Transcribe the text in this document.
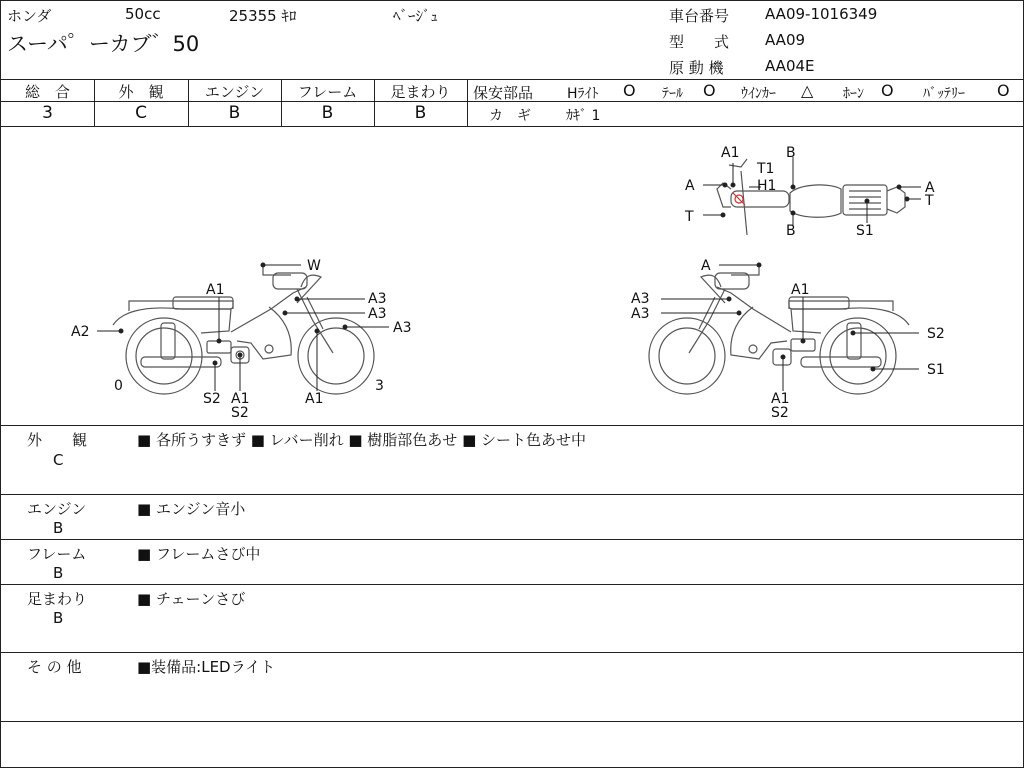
ホンダ	50cc	25355 ｷﾛ	ﾍﾞｰｼﾞｭ
スーパ゜ーカブ゛50
車台番号 AA09-1016349
型　　式 AA09
原 動 機	AA04E
総　合	外　観	エンジン	フレーム	足まわり
3	C	B	B	B
保安部品 Hﾗｲﾄ O ﾃｰﾙ O ｳｲﾝｶｰ △ ﾎｰﾝ O ﾊﾞｯﾃﾘｰ O
カ　ギ	ｶｷﾞ 1
A1
T1
B
A	H1	A
T
T
B	S1
W
A1
A3
A3
A2	A3
0	3
S2 A1
S2
A1
A
A3
A3
A1
S2
S1
A1
S2
外　　観
C
■ 各所うすきず ■ レバー削れ ■ 樹脂部色あせ ■ シート色あせ中
エンジン
B
■ エンジン音小
フレーム
B
■ フレームさび中
足まわり
B
■ チェーンさび
そ の 他	■装備品:LEDライト
